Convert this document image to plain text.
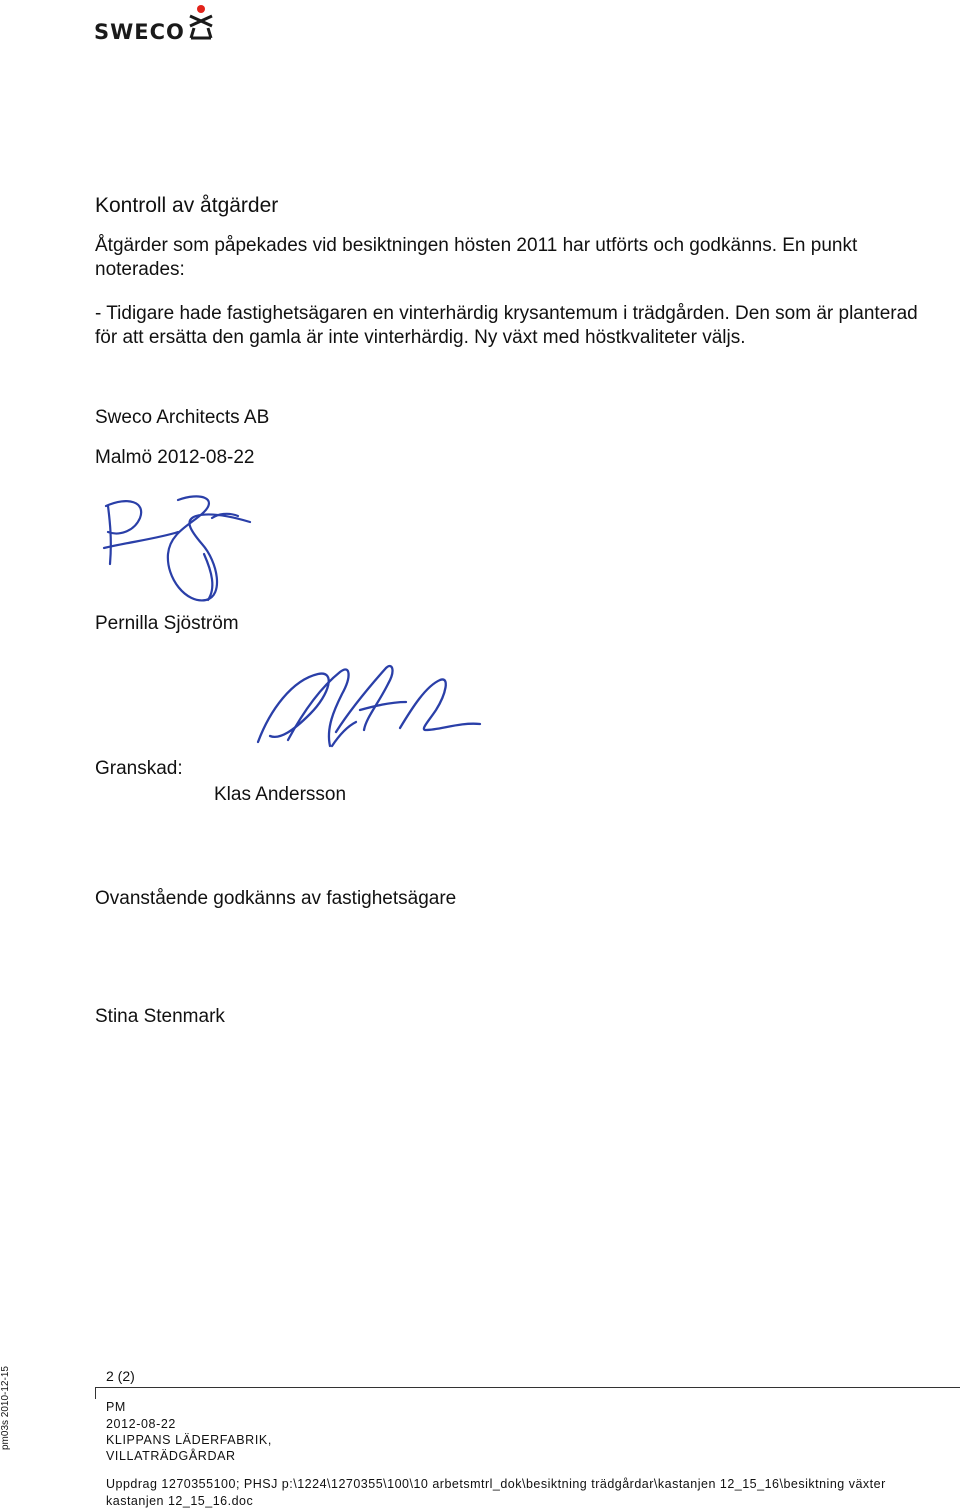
SWECO
Kontroll av åtgärder
Åtgärder som påpekades vid besiktningen hösten 2011 har utförts och godkänns. En punkt noterades:
- Tidigare hade fastighetsägaren en vinterhärdig krysantemum i trädgården. Den som är planterad för att ersätta den gamla är inte vinterhärdig. Ny växt med höstkvaliteter väljs.
Sweco Architects AB
Malmö 2012-08-22
Pernilla Sjöström
Granskad:
Klas Andersson
Ovanstående godkänns av fastighetsägare
Stina Stenmark
2 (2)
PM
2012-08-22
KLIPPANS LÄDERFABRIK,
VILLATRÄDGÅRDAR
Uppdrag 1270355100; PHSJ p:\1224\1270355\100\10 arbetsmtrl_dok\besiktning trädgårdar\kastanjen 12_15_16\besiktning växter kastanjen 12_15_16.doc
pm03s 2010-12-15
